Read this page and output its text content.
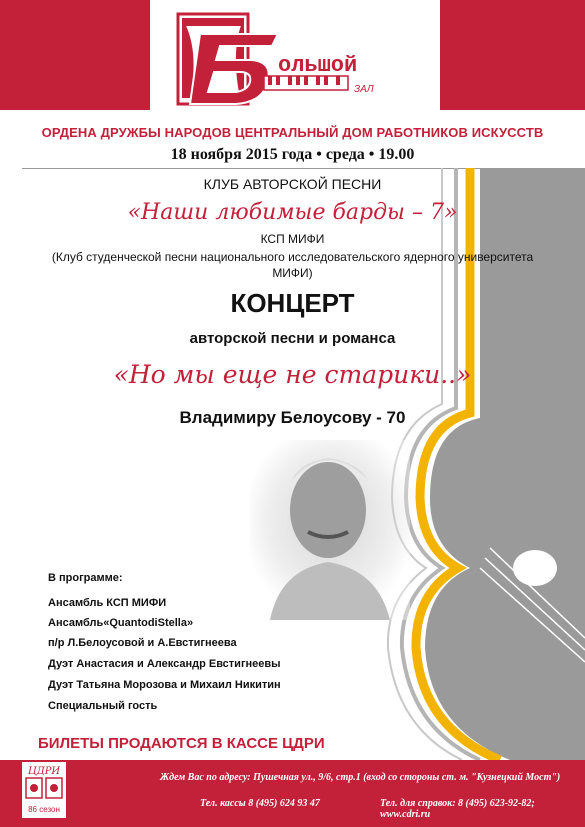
ольшой
ЗАЛ
ОРДЕНА ДРУЖБЫ НАРОДОВ ЦЕНТРАЛЬНЫЙ ДОМ РАБОТНИКОВ ИСКУССТВ
18 ноября 2015 года • среда • 19.00
КЛУБ АВТОРСКОЙ ПЕСНИ
«Наши любимые барды – 7»
КСП МИФИ
(Клуб студенческой песни национального исследовательского ядерного университета МИФИ)
КОНЦЕРТ
авторской песни и романса
«Но мы еще не старики..»
Владимиру Белоусову - 70
В программе:
Ансамбль КСП МИФИ
Ансамбль«QuantodiStella»
п/р Л.Белоусовой и А.Евстигнеева
Дуэт Анастасия и Александр Евстигнеевы
Дуэт Татьяна Морозова и Михаил Никитин
Специальный гость
БИЛЕТЫ ПРОДАЮТСЯ В КАССЕ ЦДРИ
ЦДРИ
86 сезон
Ждем Вас по адресу: Пушечная ул., 9/6, стр.1 (вход со стороны ст. м. "Кузнецкий Мост")
Тел. кассы 8 (495) 624 93 47	Тел. для справок: 8 (495) 623-92-82; www.cdri.ru
